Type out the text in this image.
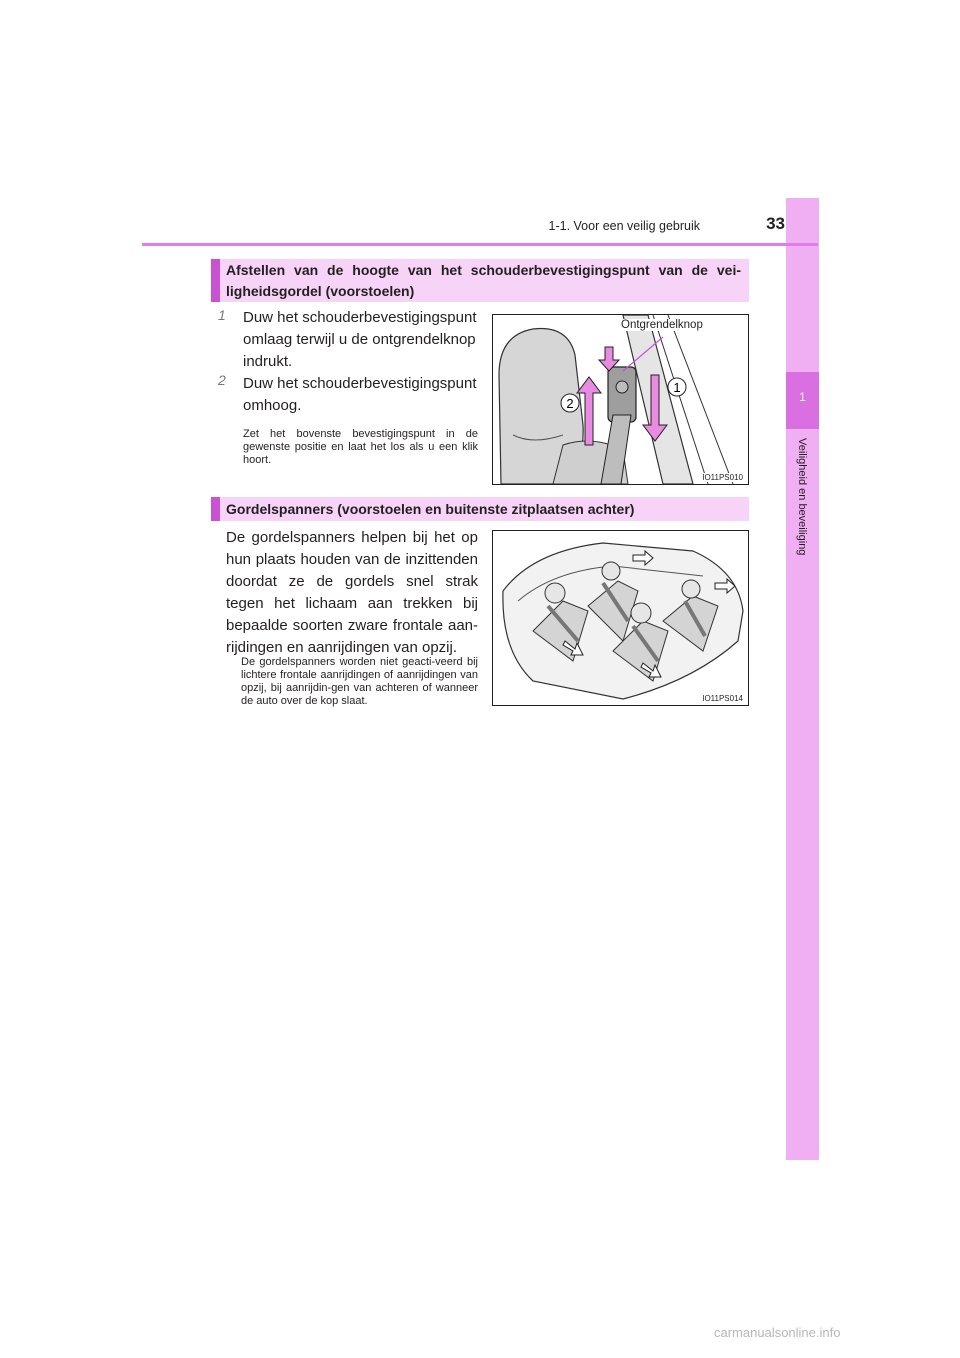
1
Veiligheid en beveiliging
1-1. Voor een veilig gebruik	33
Afstellen van de hoogte van het schouderbevestigingspunt van de vei-
ligheidsgordel (voorstoelen)
1 Duw het schouderbevestigingspunt omlaag terwijl u de ontgrendelknop indrukt.
2 Duw het schouderbevestigingspunt omhoog.
Zet het bovenste bevestigingspunt in de gewenste positie en laat het los als u een klik hoort.
1
2
Ontgrendelknop
IO11PS010
Gordelspanners (voorstoelen en buitenste zitplaatsen achter)
De gordelspanners helpen bij het op hun plaats houden van de inzittenden doordat ze de gordels snel strak tegen het lichaam aan trekken bij bepaalde soorten zware frontale aan-rijdingen en aanrijdingen van opzij.
De gordelspanners worden niet geacti-veerd bij lichtere frontale aanrijdingen of aanrijdingen van opzij, bij aanrijdin-gen van achteren of wanneer de auto over de kop slaat.	IO11PS014
carmanualsonline.info
